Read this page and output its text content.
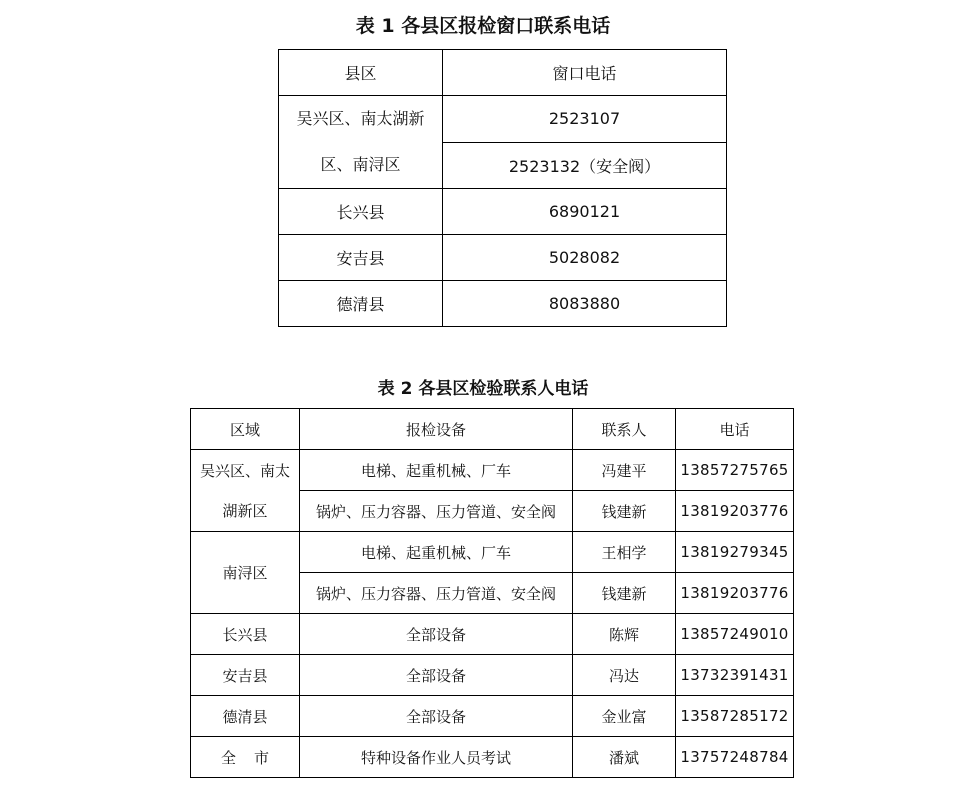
表 1 各县区报检窗口联系电话
县区	窗口电话
吴兴区、南太湖新
区、南浔区	2523107
	2523132（安全阀）
长兴县	6890121
安吉县	5028082
德清县	8083880
表 2 各县区检验联系人电话
区域	报检设备	联系人	电话
吴兴区、南太
湖新区	电梯、起重机械、厂车	冯建平	13857275765
	锅炉、压力容器、压力管道、安全阀	钱建新	13819203776
南浔区	电梯、起重机械、厂车	王相学	13819279345
	锅炉、压力容器、压力管道、安全阀	钱建新	13819203776
长兴县	全部设备	陈辉	13857249010
安吉县	全部设备	冯达	13732391431
德清县	全部设备	金业富	13587285172
全市	特种设备作业人员考试	潘斌	13757248784
